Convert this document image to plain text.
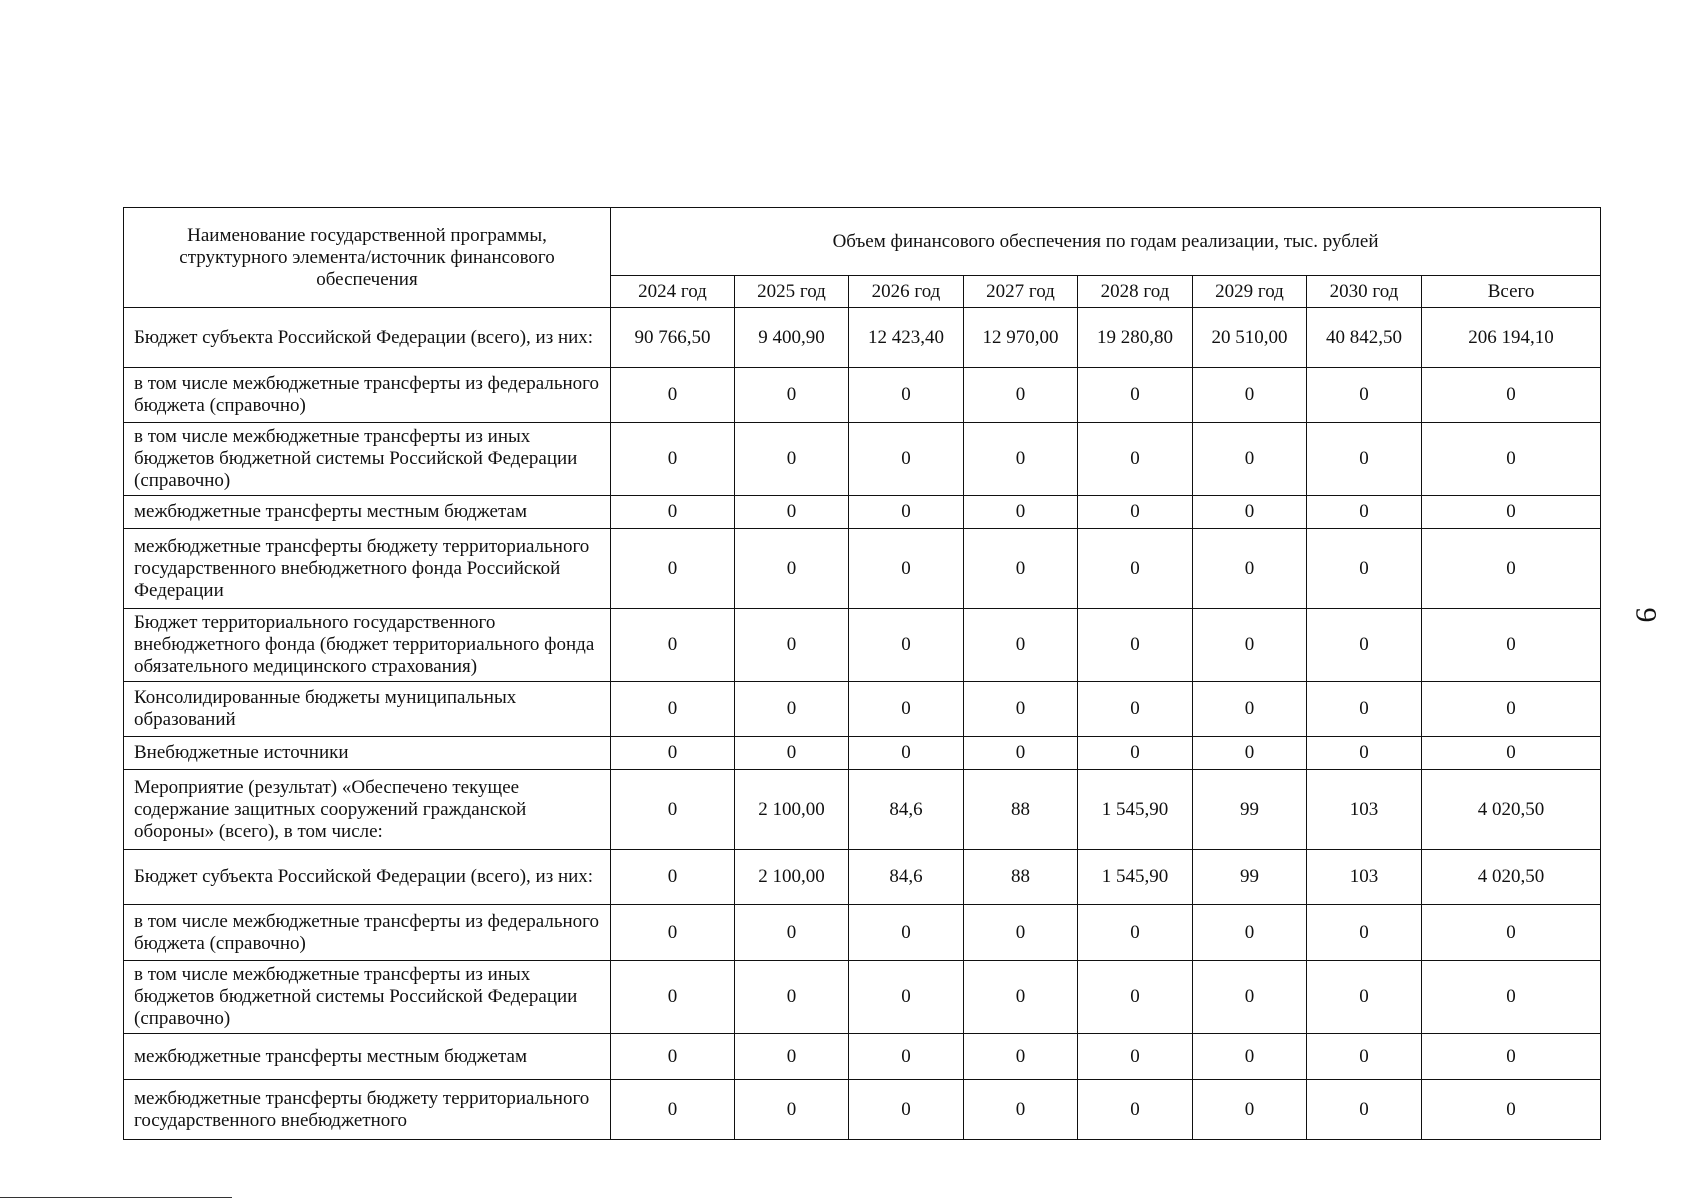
Наименование государственной программы, структурного элемента/источник финансового обеспечения	Объем финансового обеспечения по годам реализации, тыс. рублей							
	2024 год	2025 год	2026 год	2027 год	2028 год	2029 год	2030 год	Всего
Бюджет субъекта Российской Федерации (всего), из них:	90 766,50	9 400,90	12 423,40	12 970,00	19 280,80	20 510,00	40 842,50	206 194,10
в том числе межбюджетные трансферты из федерального бюджета (справочно)	0	0	0	0	0	0	0	0
в том числе межбюджетные трансферты из иных бюджетов бюджетной системы Российской Федерации (справочно)	0	0	0	0	0	0	0	0
межбюджетные трансферты местным бюджетам	0	0	0	0	0	0	0	0
межбюджетные трансферты бюджету территориального государственного внебюджетного фонда Российской Федерации	0	0	0	0	0	0	0	0
Бюджет территориального государственного внебюджетного фонда (бюджет территориального фонда обязательного медицинского страхования)	0	0	0	0	0	0	0	0
Консолидированные бюджеты муниципальных образований	0	0	0	0	0	0	0	0
Внебюджетные источники	0	0	0	0	0	0	0	0
Мероприятие (результат) «Обеспечено текущее содержание защитных сооружений гражданской обороны» (всего), в том числе:	0	2 100,00	84,6	88	1 545,90	99	103	4 020,50
Бюджет субъекта Российской Федерации (всего), из них:	0	2 100,00	84,6	88	1 545,90	99	103	4 020,50
в том числе межбюджетные трансферты из федерального бюджета (справочно)	0	0	0	0	0	0	0	0
в том числе межбюджетные трансферты из иных бюджетов бюджетной системы Российской Федерации (справочно)	0	0	0	0	0	0	0	0
межбюджетные трансферты местным бюджетам	0	0	0	0	0	0	0	0
межбюджетные трансферты бюджету территориального государственного внебюджетного	0	0	0	0	0	0	0	0
9
